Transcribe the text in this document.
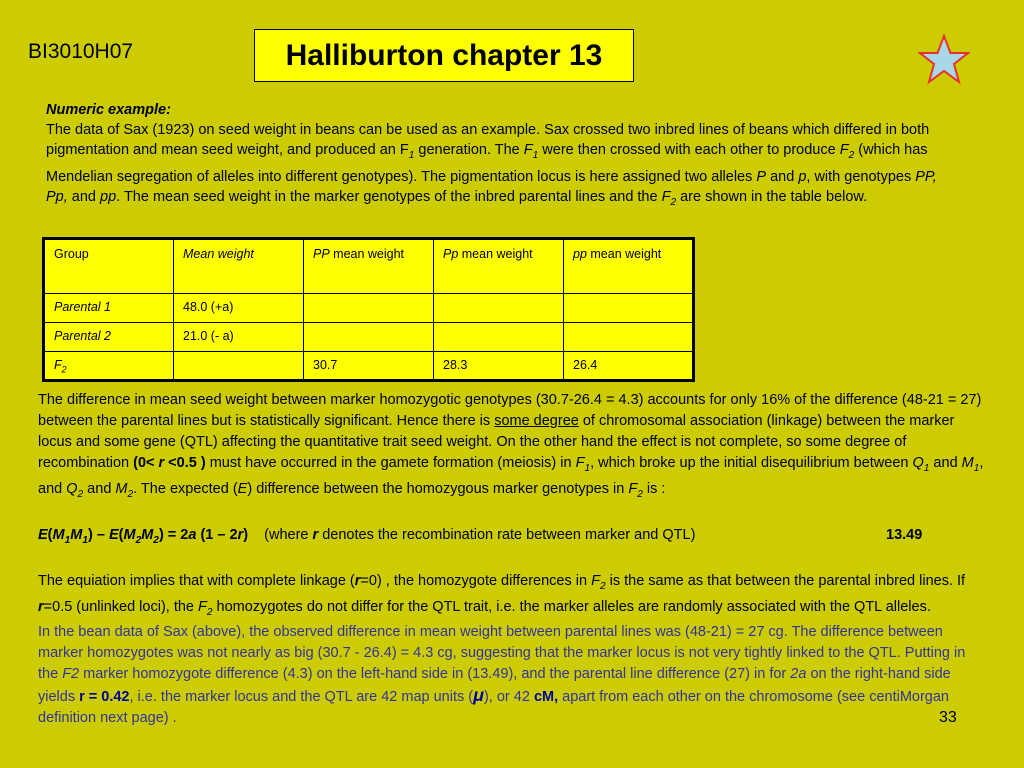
BI3010H07	Halliburton chapter 13
Numeric example:
The data of Sax (1923) on seed weight in beans can be used as an example. Sax crossed two inbred lines of beans which differed in both pigmentation and mean seed weight, and produced an $F_1$ generation. The $F_1$ were then crossed with each other to produce $F_2$ (which has Mendelian segregation of alleles into different genotypes). The pigmentation locus is here assigned two alleles P and p, with genotypes PP, Pp, and pp. The mean seed weight in the marker genotypes of the inbred parental lines and the $F_2$ are shown in the table below.
Group	Mean weight	PP mean weight	Pp mean weight	pp mean weight
Parental 1	48.0 (+a)			
Parental 2	21.0 (- a)			
$F_2$		30.7	28.3	26.4

The difference in mean seed weight between marker homozygotic genotypes (30.7-26.4 = 4.3) accounts for only 16% of the difference (48-21 = 27) between the parental lines but is statistically significant. Hence there is some degree of chromosomal association (linkage) between the marker locus and some gene (QTL) affecting the quantitative trait seed weight. On the other hand the effect is not complete, so some degree of recombination (0< r <0.5 ) must have occurred in the gamete formation (meiosis) in $F_1$, which broke up the initial disequilibrium between $Q_1$ and $M_1$, and $Q_2$ and $M_2$. The expected (E) difference between the homozygous marker genotypes in $F_2$ is :

$E(M_1M_1) - E(M_2M_2) = 2a$ (1 – 2r)    (where r denotes the recombination rate between marker and QTL)	13.49

The equiation implies that with complete linkage (r=0) , the homozygote differences in $F_2$ is the same as that between the parental inbred lines. If r=0.5 (unlinked loci), the $F_2$ homozygotes do not differ for the QTL trait, i.e. the marker alleles are randomly associated with the QTL alleles.

In the bean data of Sax (above), the observed difference in mean weight between parental lines was (48-21) = 27 cg. The difference between marker homozygotes was not nearly as big (30.7 - 26.4) = 4.3 cg, suggesting that the marker locus is not very tightly linked to the QTL. Putting in the F2 marker homozygote difference (4.3) on the left-hand side in (13.49), and the parental line difference (27) in for 2a on the right-hand side yields r = 0.42, i.e. the marker locus and the QTL are 42 map units (μ), or 42 cM, apart from each other on the chromosome (see centiMorgan definition next page) .	33
